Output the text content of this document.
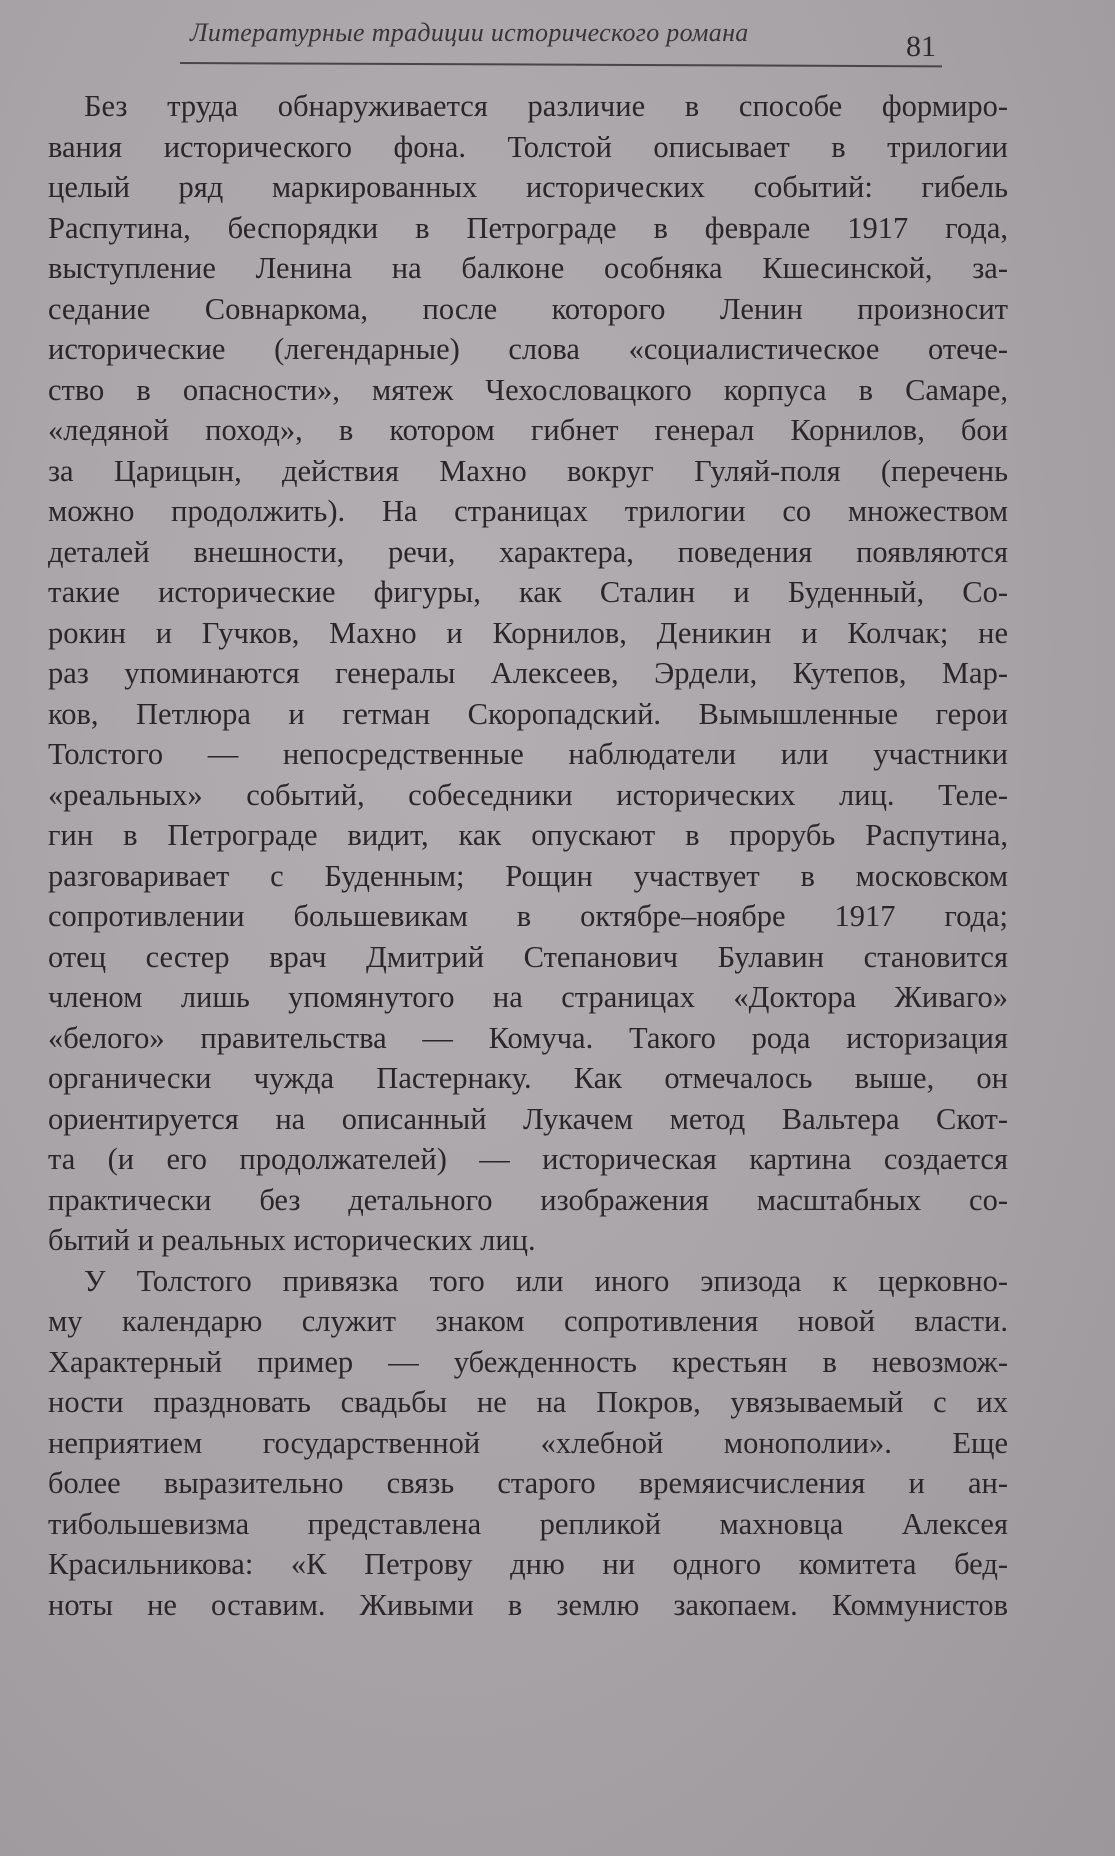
Литературные традиции исторического романа	81
Без труда обнаруживается различие в способе формиро-
вания исторического фона. Толстой описывает в трилогии
целый ряд маркированных исторических событий: гибель
Распутина, беспорядки в Петрограде в феврале 1917 года,
выступление Ленина на балконе особняка Кшесинской, за-
седание Совнаркома, после которого Ленин произносит
исторические (легендарные) слова «социалистическое отече-
ство в опасности», мятеж Чехословацкого корпуса в Самаре,
«ледяной поход», в котором гибнет генерал Корнилов, бои
за Царицын, действия Махно вокруг Гуляй-поля (перечень
можно продолжить). На страницах трилогии со множеством
деталей внешности, речи, характера, поведения появляются
такие исторические фигуры, как Сталин и Буденный, Со-
рокин и Гучков, Махно и Корнилов, Деникин и Колчак; не
раз упоминаются генералы Алексеев, Эрдели, Кутепов, Мар-
ков, Петлюра и гетман Скоропадский. Вымышленные герои
Толстого — непосредственные наблюдатели или участники
«реальных» событий, собеседники исторических лиц. Теле-
гин в Петрограде видит, как опускают в прорубь Распутина,
разговаривает с Буденным; Рощин участвует в московском
сопротивлении большевикам в октябре–ноябре 1917 года;
отец сестер врач Дмитрий Степанович Булавин становится
членом лишь упомянутого на страницах «Доктора Живаго»
«белого» правительства — Комуча. Такого рода историзация
органически чужда Пастернаку. Как отмечалось выше, он
ориентируется на описанный Лукачем метод Вальтера Скот-
та (и его продолжателей) — историческая картина создается
практически без детального изображения масштабных со-
бытий и реальных исторических лиц.
У Толстого привязка того или иного эпизода к церковно-
му календарю служит знаком сопротивления новой власти.
Характерный пример — убежденность крестьян в невозмож-
ности праздновать свадьбы не на Покров, увязываемый с их
неприятием государственной «хлебной монополии». Еще
более выразительно связь старого времяисчисления и ан-
тибольшевизма представлена репликой махновца Алексея
Красильникова: «К Петрову дню ни одного комитета бед-
ноты не оставим. Живыми в землю закопаем. Коммунистов
